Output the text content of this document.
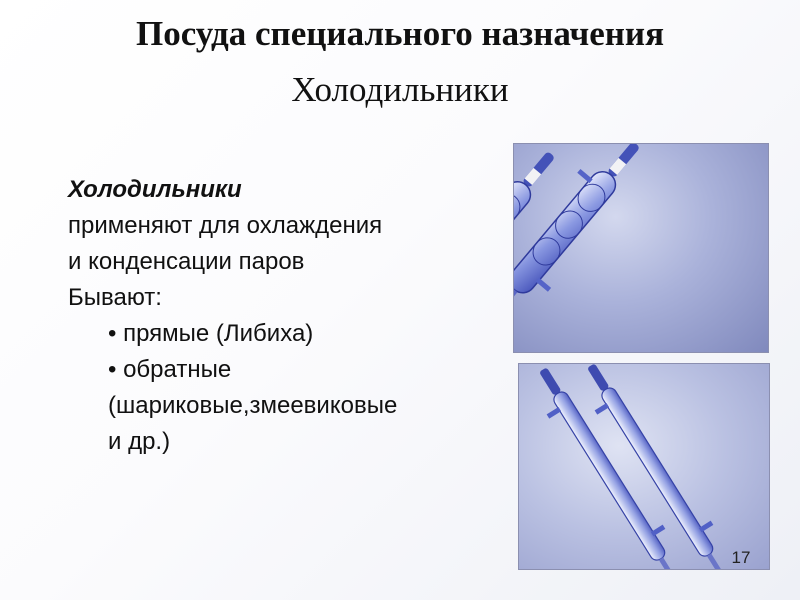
Посуда специального назначения
Холодильники
Холодильники
применяют для охлаждения
и конденсации паров
Бывают:
• прямые (Либиха)
• обратные
(шариковые,змеевиковые
и др.)
17
